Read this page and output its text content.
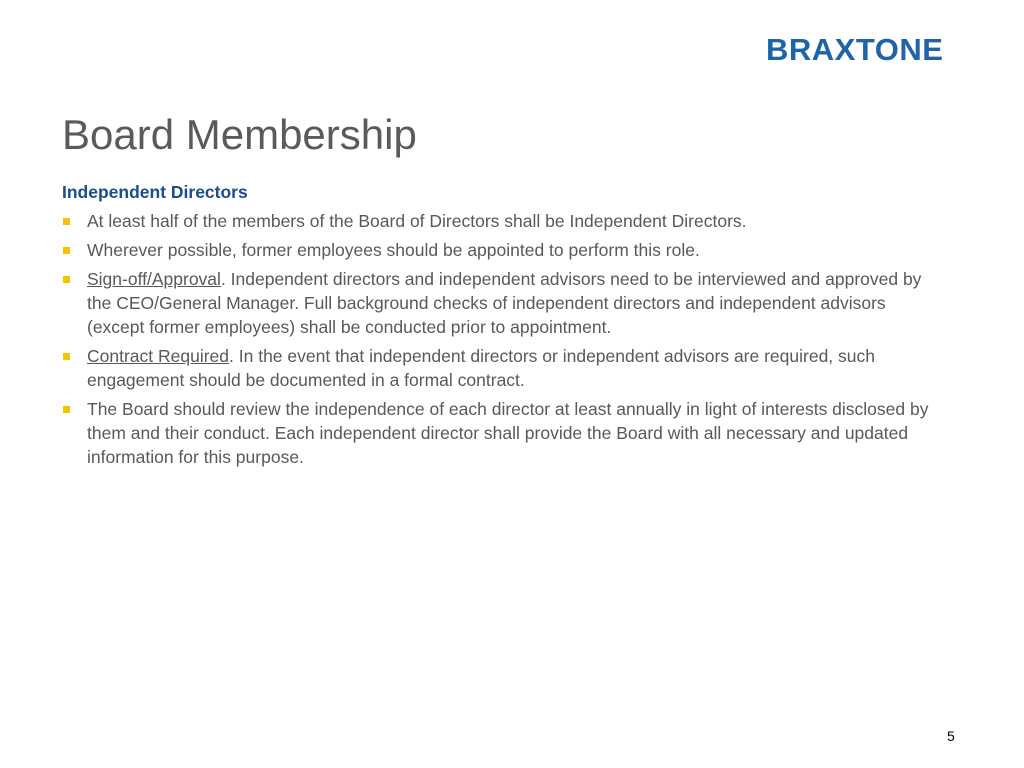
BRAXTONE
Board Membership
Independent Directors
At least half of the members of the Board of Directors shall be Independent Directors.
Wherever possible, former employees should be appointed to perform this role.
Sign-off/Approval. Independent directors and independent advisors need to be interviewed and approved by the CEO/General Manager. Full background checks of independent directors and independent advisors (except former employees) shall be conducted prior to appointment.
Contract Required. In the event that independent directors or independent advisors are required, such engagement should be documented in a formal contract.
The Board should review the independence of each director at least annually in light of interests disclosed by them and their conduct. Each independent director shall provide the Board with all necessary and updated information for this purpose.
5
